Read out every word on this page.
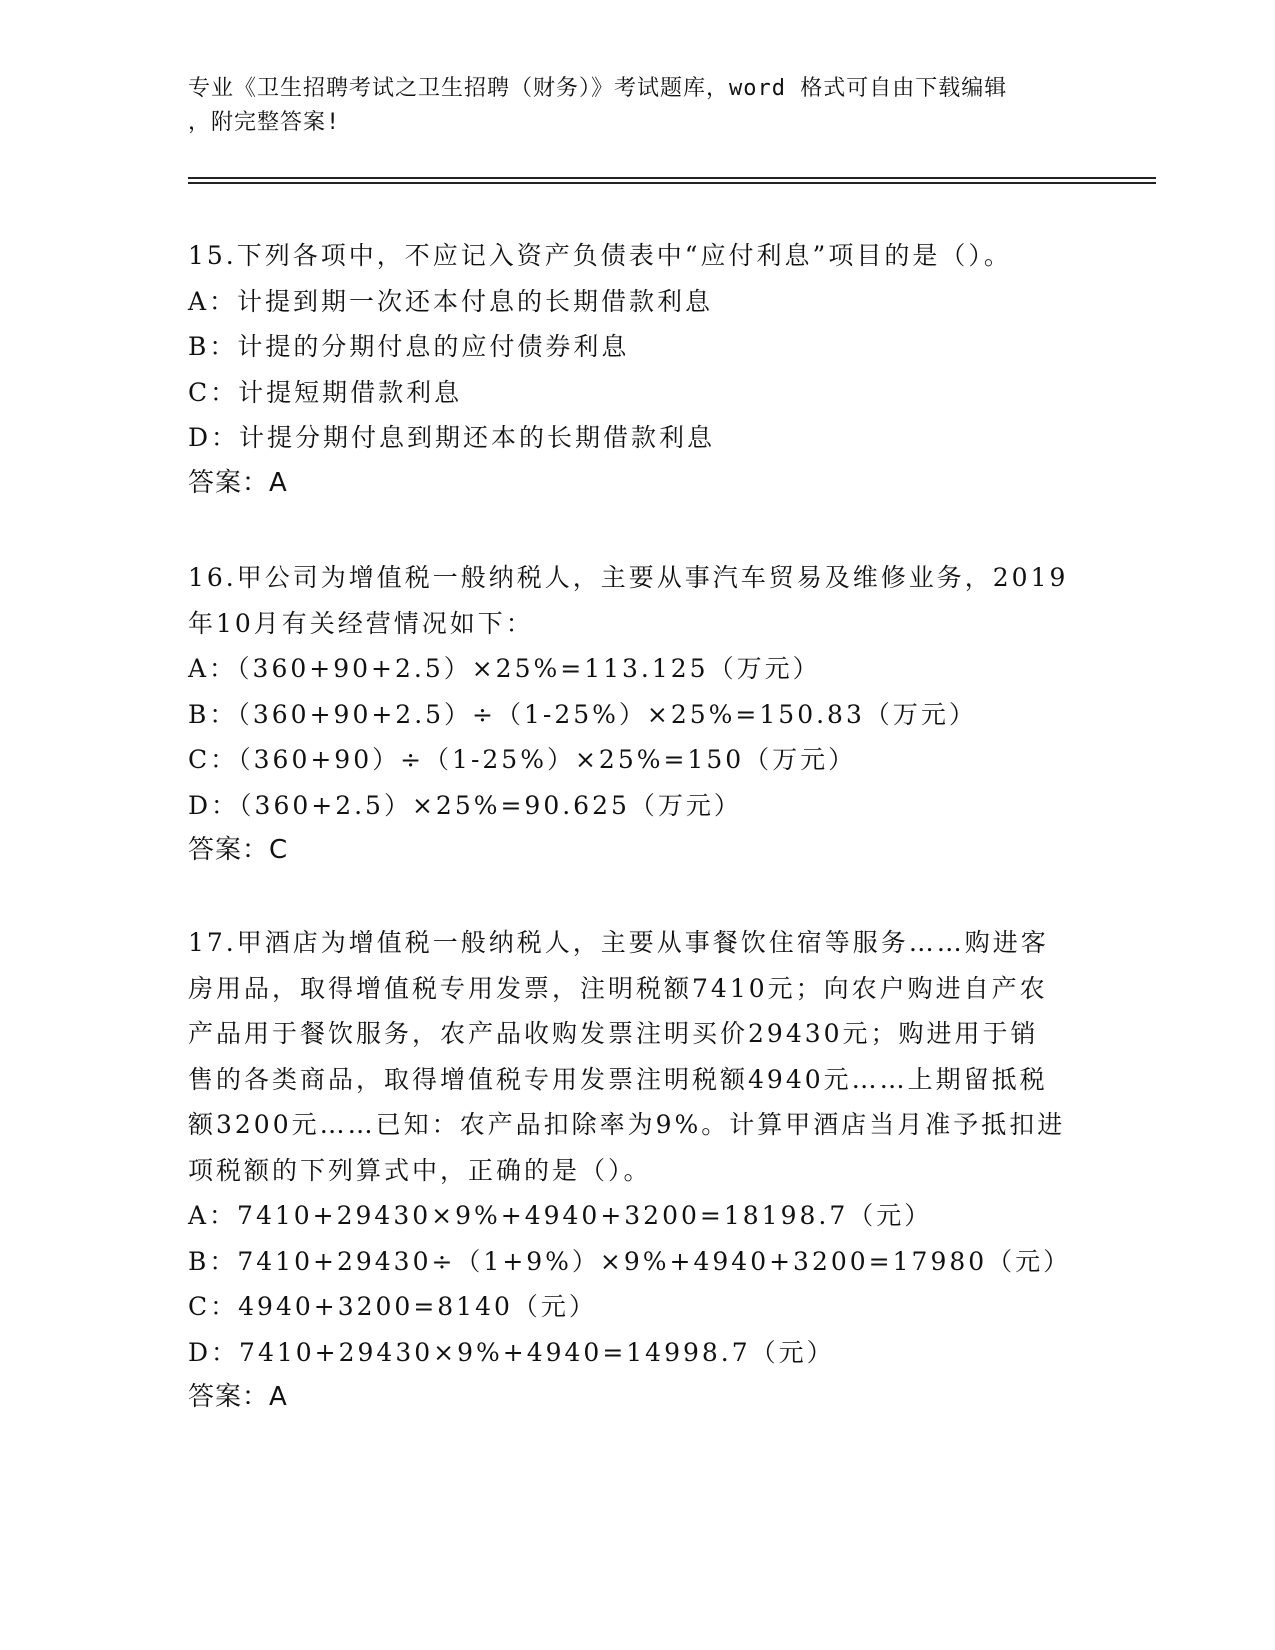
专业《卫生招聘考试之卫生招聘（财务）》考试题库，word 格式可自由下载编辑
，附完整答案!
15.下列各项中，不应记入资产负债表中“应付利息”项目的是（）。
A：计提到期一次还本付息的长期借款利息
B：计提的分期付息的应付债券利息
C：计提短期借款利息
D：计提分期付息到期还本的长期借款利息
答案：A
16.甲公司为增值税一般纳税人，主要从事汽车贸易及维修业务，2019
年10月有关经营情况如下：
A：（360+90+2.5）×25%=113.125（万元）
B：（360+90+2.5）÷（1-25%）×25%=150.83（万元）
C：（360+90）÷（1-25%）×25%=150（万元）
D：（360+2.5）×25%=90.625（万元）
答案：C
17.甲酒店为增值税一般纳税人，主要从事餐饮住宿等服务……购进客
房用品，取得增值税专用发票，注明税额7410元；向农户购进自产农
产品用于餐饮服务，农产品收购发票注明买价29430元；购进用于销
售的各类商品，取得增值税专用发票注明税额4940元……上期留抵税
额3200元……已知：农产品扣除率为9%。计算甲酒店当月准予抵扣进
项税额的下列算式中，正确的是（）。
A：7410+29430×9%+4940+3200=18198.7（元）
B：7410+29430÷（1+9%）×9%+4940+3200=17980（元）
C：4940+3200=8140（元）
D：7410+29430×9%+4940=14998.7（元）
答案：A
